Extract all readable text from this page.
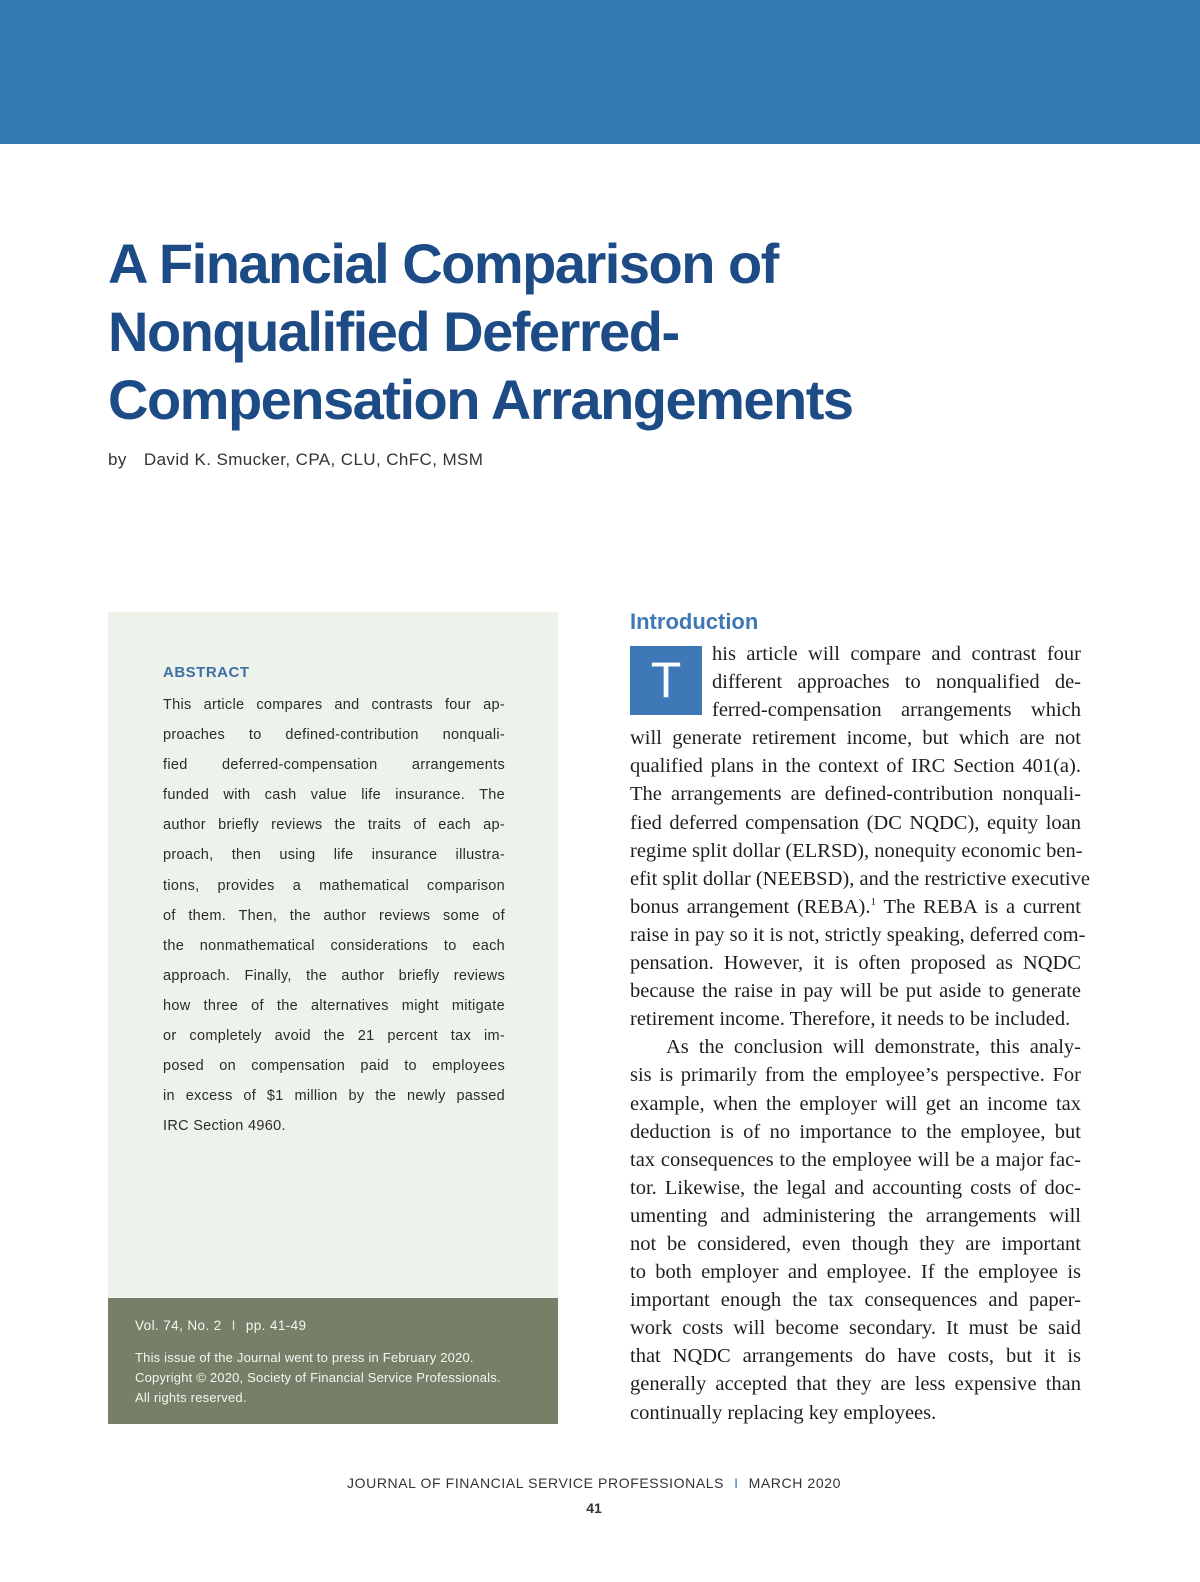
A Financial Comparison of
Nonqualified Deferred-
Compensation Arrangements
by David K. Smucker, CPA, CLU, ChFC, MSM
ABSTRACT
This article compares and contrasts four ap-
proaches to defined-contribution nonquali-
fied deferred-compensation arrangements
funded with cash value life insurance. The
author briefly reviews the traits of each ap-
proach, then using life insurance illustra-
tions, provides a mathematical comparison
of them. Then, the author reviews some of
the nonmathematical considerations to each
approach. Finally, the author briefly reviews
how three of the alternatives might mitigate
or completely avoid the 21 percent tax im-
posed on compensation paid to employees
in excess of $1 million by the newly passed
IRC Section 4960.
Vol. 74, No. 2 I pp. 41-49
This issue of the Journal went to press in February 2020.
Copyright © 2020, Society of Financial Service Professionals.
All rights reserved.
Introduction
T	his article will compare and contrast four
different approaches to nonqualified de-
ferred-compensation arrangements which
will generate retirement income, but which are not
qualified plans in the context of IRC Section 401(a).
The arrangements are defined-contribution nonquali-
fied deferred compensation (DC NQDC), equity loan
regime split dollar (ELRSD), nonequity economic ben-
efit split dollar (NEEBSD), and the restrictive executive
bonus arrangement (REBA).$^1$ The REBA is a current
raise in pay so it is not, strictly speaking, deferred com-
pensation. However, it is often proposed as NQDC
because the raise in pay will be put aside to generate
retirement income. Therefore, it needs to be included.
As the conclusion will demonstrate, this analy-
sis is primarily from the employee’s perspective. For
example, when the employer will get an income tax
deduction is of no importance to the employee, but
tax consequences to the employee will be a major fac-
tor. Likewise, the legal and accounting costs of doc-
umenting and administering the arrangements will
not be considered, even though they are important
to both employer and employee. If the employee is
important enough the tax consequences and paper-
work costs will become secondary. It must be said
that NQDC arrangements do have costs, but it is
generally accepted that they are less expensive than
continually replacing key employees.
JOURNAL OF FINANCIAL SERVICE PROFESSIONALS I MARCH 2020
41
